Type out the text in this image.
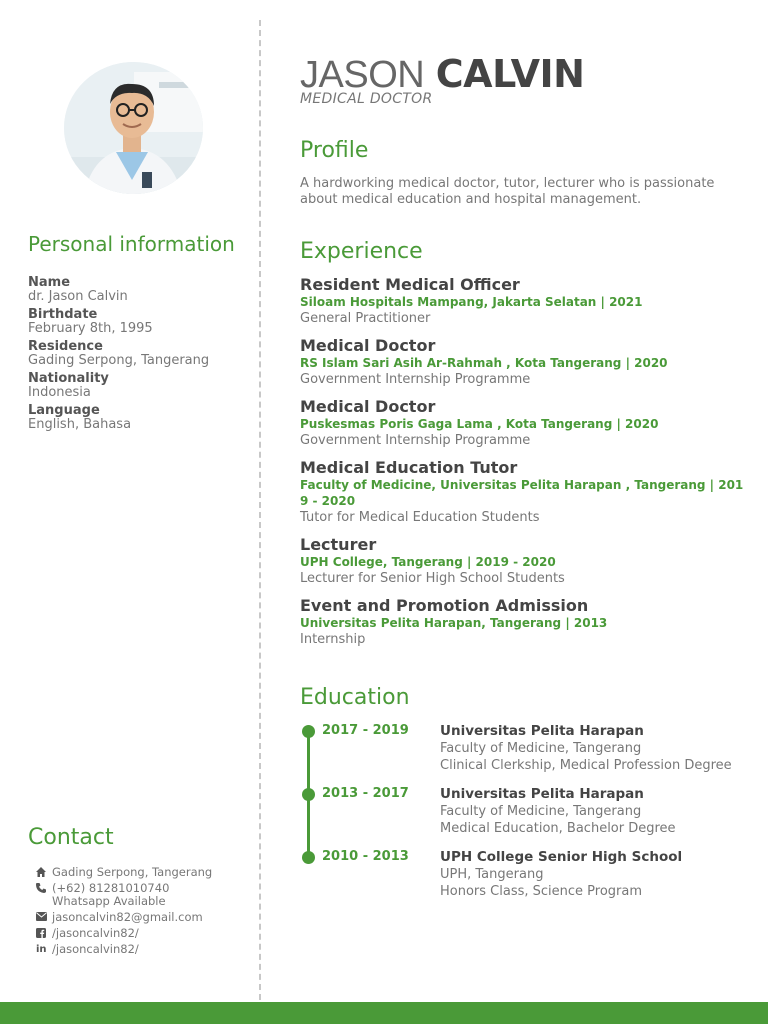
Personal information
Name
dr. Jason Calvin
Birthdate
February 8th, 1995
Residence
Gading Serpong, Tangerang
Nationality
Indonesia
Language
English, Bahasa
Contact
Gading Serpong, Tangerang
(+62) 81281010740
Whatsapp Available
jasoncalvin82@gmail.com
/jasoncalvin82/
in /jasoncalvin82/
JASON CALVIN
MEDICAL DOCTOR
Profile
A hardworking medical doctor, tutor, lecturer who is passionate about medical education and hospital management.
Experience
Resident Medical Officer
Siloam Hospitals Mampang, Jakarta Selatan | 2021
General Practitioner
Medical Doctor
RS Islam Sari Asih Ar-Rahmah , Kota Tangerang | 2020
Government Internship Programme
Medical Doctor
Puskesmas Poris Gaga Lama , Kota Tangerang | 2020
Government Internship Programme
Medical Education Tutor
Faculty of Medicine, Universitas Pelita Harapan , Tangerang | 2019 - 2020
Tutor for Medical Education Students
Lecturer
UPH College, Tangerang | 2019 - 2020
Lecturer for Senior High School Students
Event and Promotion Admission
Universitas Pelita Harapan, Tangerang | 2013
Internship
Education
2017 - 2019 Universitas Pelita Harapan
Faculty of Medicine, Tangerang
Clinical Clerkship, Medical Profession Degree
2013 - 2017 Universitas Pelita Harapan
Faculty of Medicine, Tangerang
Medical Education, Bachelor Degree
2010 - 2013 UPH College Senior High School
UPH, Tangerang
Honors Class, Science Program
